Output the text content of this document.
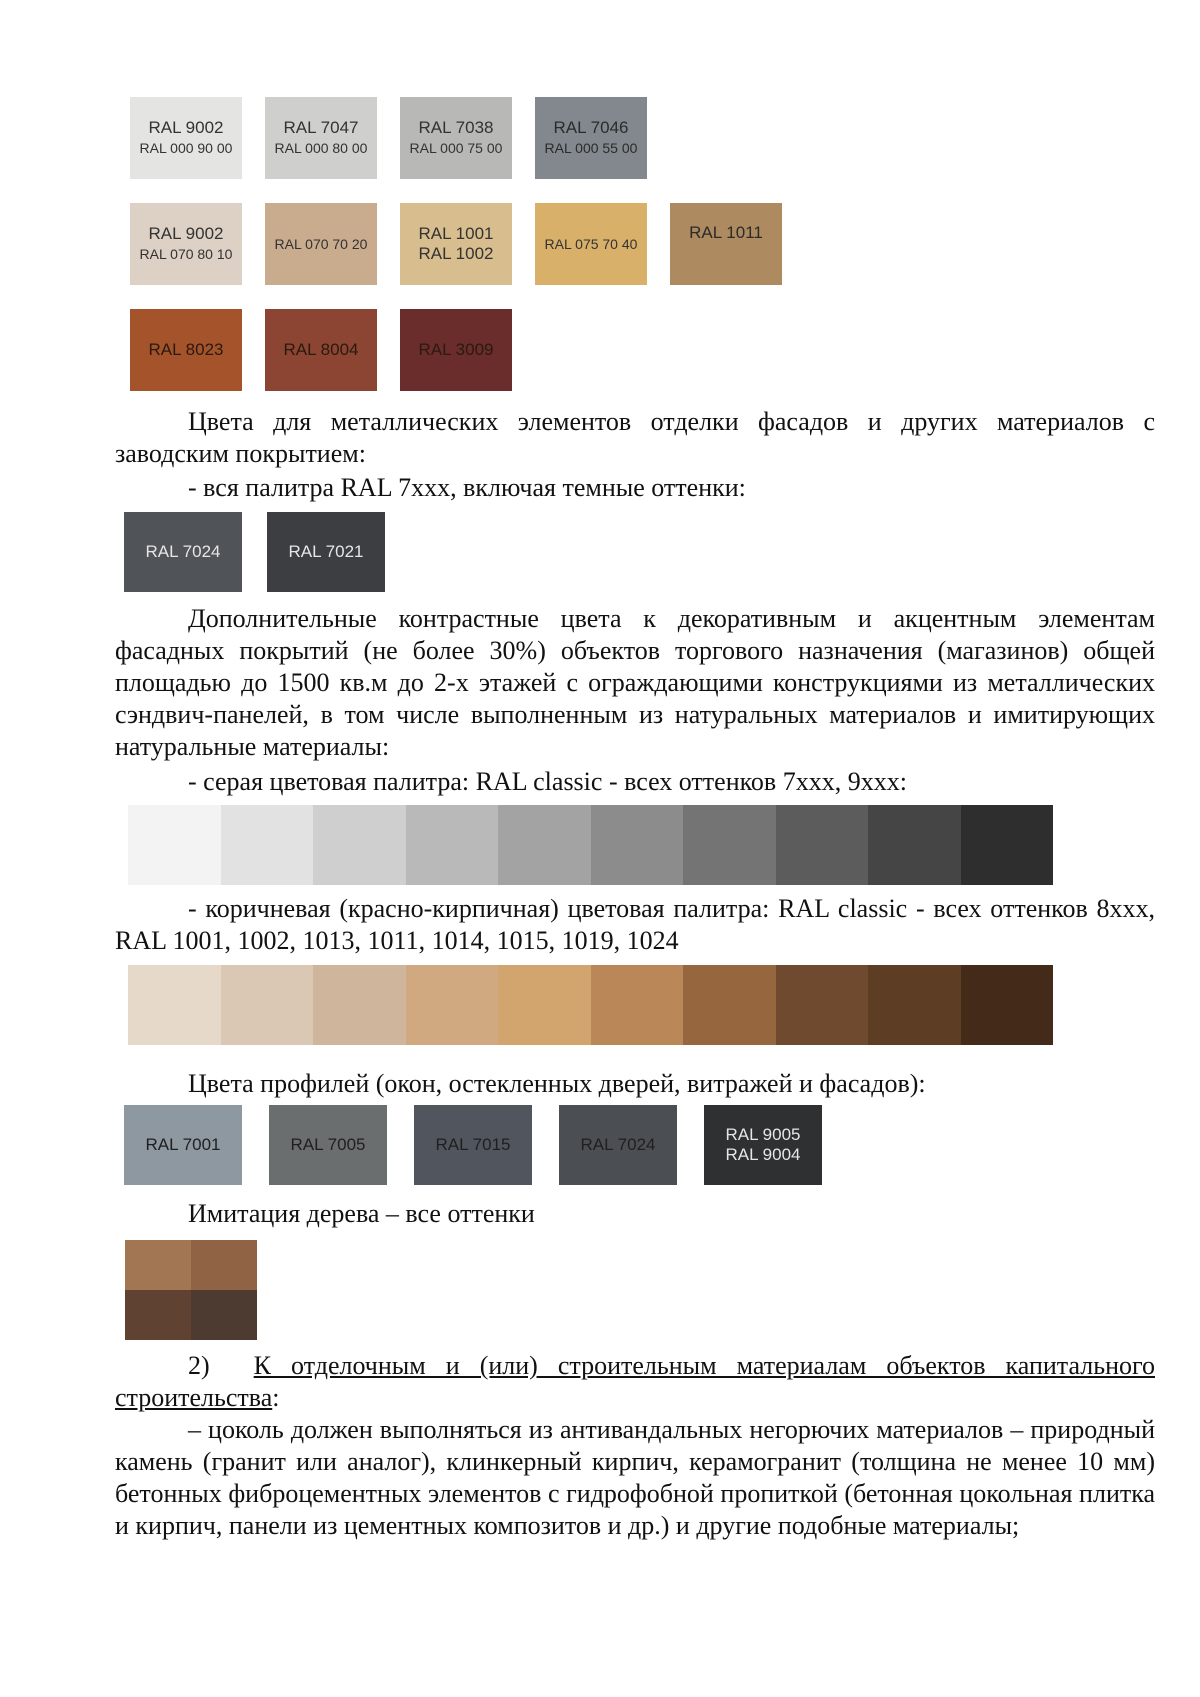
RAL 9002
RAL 000 90 00
RAL 7047
RAL 000 80 00
RAL 7038
RAL 000 75 00
RAL 7046
RAL 000 55 00
RAL 9002
RAL 070 80 10
RAL 070 70 20
RAL 1001
RAL 1002	RAL 075 70 40
RAL 1011
RAL 8023	RAL 8004	RAL 3009

Цвета для металлических элементов отделки фасадов и других материалов с заводским покрытием:

- вся палитра RAL 7xxx, включая темные оттенки:

RAL 7024	RAL 7021

Дополнительные контрастные цвета к декоративным и акцентным элементам фасадных покрытий (не более 30%) объектов торгового назначения (магазинов) общей площадью до 1500 кв.м до 2-х этажей с ограждающими конструкциями из металлических сэндвич-панелей, в том числе выполненным из натуральных материалов и имитирующих натуральные материалы:

- серая цветовая палитра: RAL classic - всех оттенков 7xxx, 9xxx:

- коричневая (красно-кирпичная) цветовая палитра: RAL classic - всех оттенков 8xxx, RAL 1001, 1002, 1013, 1011, 1014, 1015, 1019, 1024

Цвета профилей (окон, остекленных дверей, витражей и фасадов):

RAL 7001	RAL 7005	RAL 7015	RAL 7024
RAL 9005
RAL 9004

Имитация дерева – все оттенки

2) К отделочным и (или) строительным материалам объектов капитального строительства:

– цоколь должен выполняться из антивандальных негорючих материалов – природный камень (гранит или аналог), клинкерный кирпич, керамогранит (толщина не менее 10 мм) бетонных фиброцементных элементов с гидрофобной пропиткой (бетонная цокольная плитка и кирпич, панели из цементных композитов и др.) и другие подобные материалы;
